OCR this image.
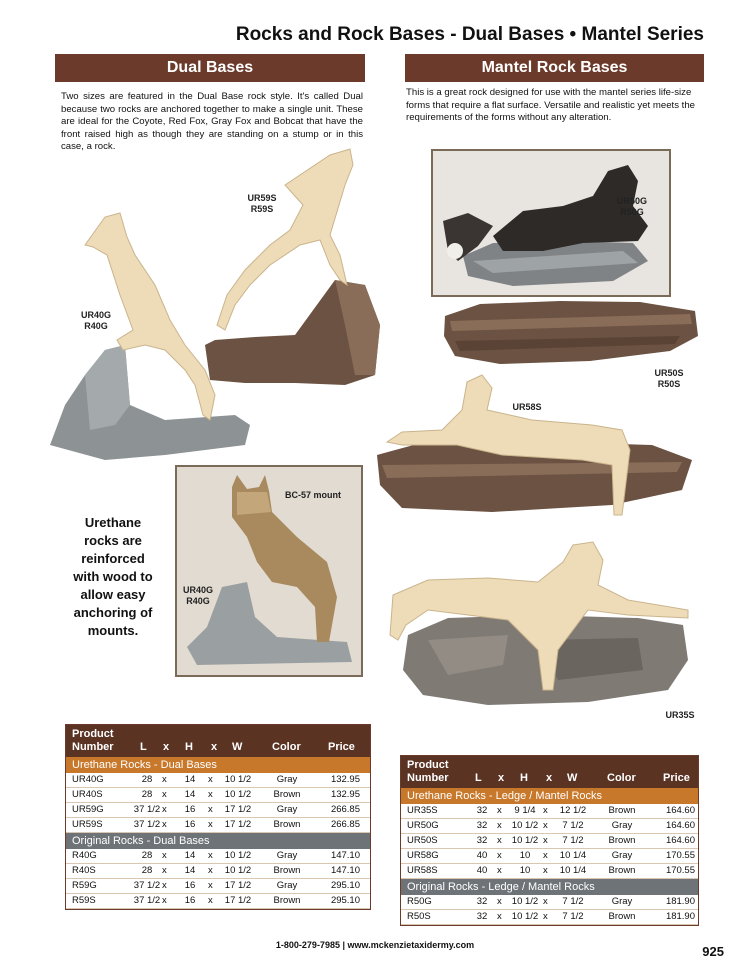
Rocks and Rock Bases - Dual Bases • Mantel Series
Dual Bases	Mantel Rock Bases
Two sizes are featured in the Dual Base rock style. It's called Dual because two rocks are anchored together to make a single unit. These are ideal for the Coyote, Red Fox, Gray Fox and Bobcat that have the front raised high as though they are standing on a stump or in this case, a rock.
This is a great rock designed for use with the mantel series life-size forms that require a flat surface. Versatile and realistic yet meets the requirements of the forms without any alteration.
UR59S
R59S
UR40G
R40G
UR50G
R50G
UR50S
R50S
UR58S
BC-57 mount
UR40G
R40G
Urethane
rocks are
reinforced
with wood to
allow easy
anchoring of
mounts.
UR35S
Product
Number L x H x W	Color Price
Urethane Rocks - Dual Bases
UR40G	28	x	14	x	10 1/2	Gray	132.95
UR40S	28	x	14	x	10 1/2	Brown	132.95
UR59G	37 1/2 x	16	x	17 1/2	Gray	266.85
UR59S	37 1/2 x	16	x	17 1/2	Brown	266.85
Original Rocks - Dual Bases
R40G	28	x	14	x	10 1/2	Gray	147.10
R40S	28	x	14	x	10 1/2	Brown	147.10
R59G	37 1/2 x	16	x	17 1/2	Gray	295.10
R59S	37 1/2 x	16	x	17 1/2	Brown	295.10
Product
Number L x H x W	Color Price
Urethane Rocks - Ledge / Mantel Rocks
UR35S	32	x	9 1/4 x	12 1/2	Brown	164.60
UR50G	32	x 10 1/2 x	7 1/2	Gray	164.60
UR50S	32	x 10 1/2 x	7 1/2	Brown	164.60
UR58G	40	x	10	x	10 1/4	Gray	170.55
UR58S	40	x	10	x	10 1/4	Brown	170.55
Original Rocks - Ledge / Mantel Rocks
R50G	32	x 10 1/2 x	7 1/2	Gray	181.90
R50S	32	x 10 1/2 x	7 1/2	Brown	181.90
1-800-279-7985 | www.mckenzietaxidermy.com	925
